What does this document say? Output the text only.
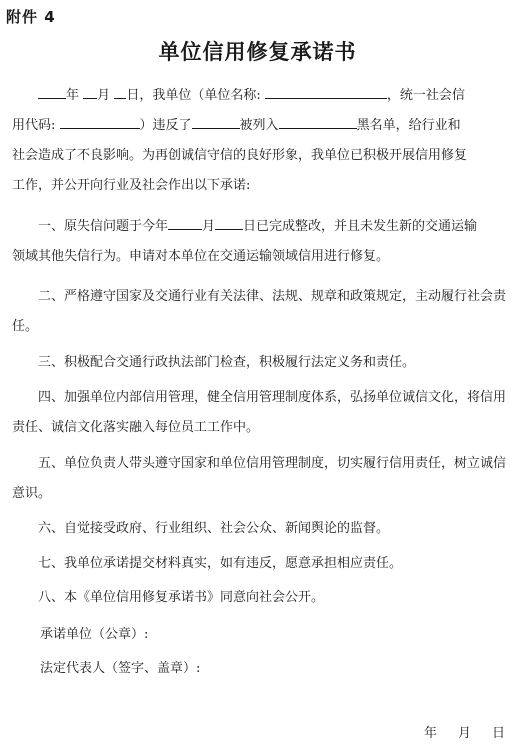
附件 4
单位信用修复承诺书
年 月 日，我单位（单位名称:	，统一社会信
用代码:	）违反了	被列入	黑名单，给行业和
社会造成了不良影响。为再创诚信守信的良好形象，我单位已积极开展信用修复
工作，并公开向行业及社会作出以下承诺:
一、原失信问题于今年	月 日已完成整改，并且未发生新的交通运输
领域其他失信行为。申请对本单位在交通运输领域信用进行修复。
二、严格遵守国家及交通行业有关法律、法规、规章和政策规定，主动履行社会责任。
三、积极配合交通行政执法部门检查，积极履行法定义务和责任。
四、加强单位内部信用管理，健全信用管理制度体系，弘扬单位诚信文化，将信用责任、诚信文化落实融入每位员工工作中。
五、单位负责人带头遵守国家和单位信用管理制度，切实履行信用责任，树立诚信意识。
六、自觉接受政府、行业组织、社会公众、新闻舆论的监督。
七、我单位承诺提交材料真实，如有违反，愿意承担相应责任。
八、本《单位信用修复承诺书》同意向社会公开。
承诺单位（公章）:
法定代表人（签字、盖章）:
年 月 日
